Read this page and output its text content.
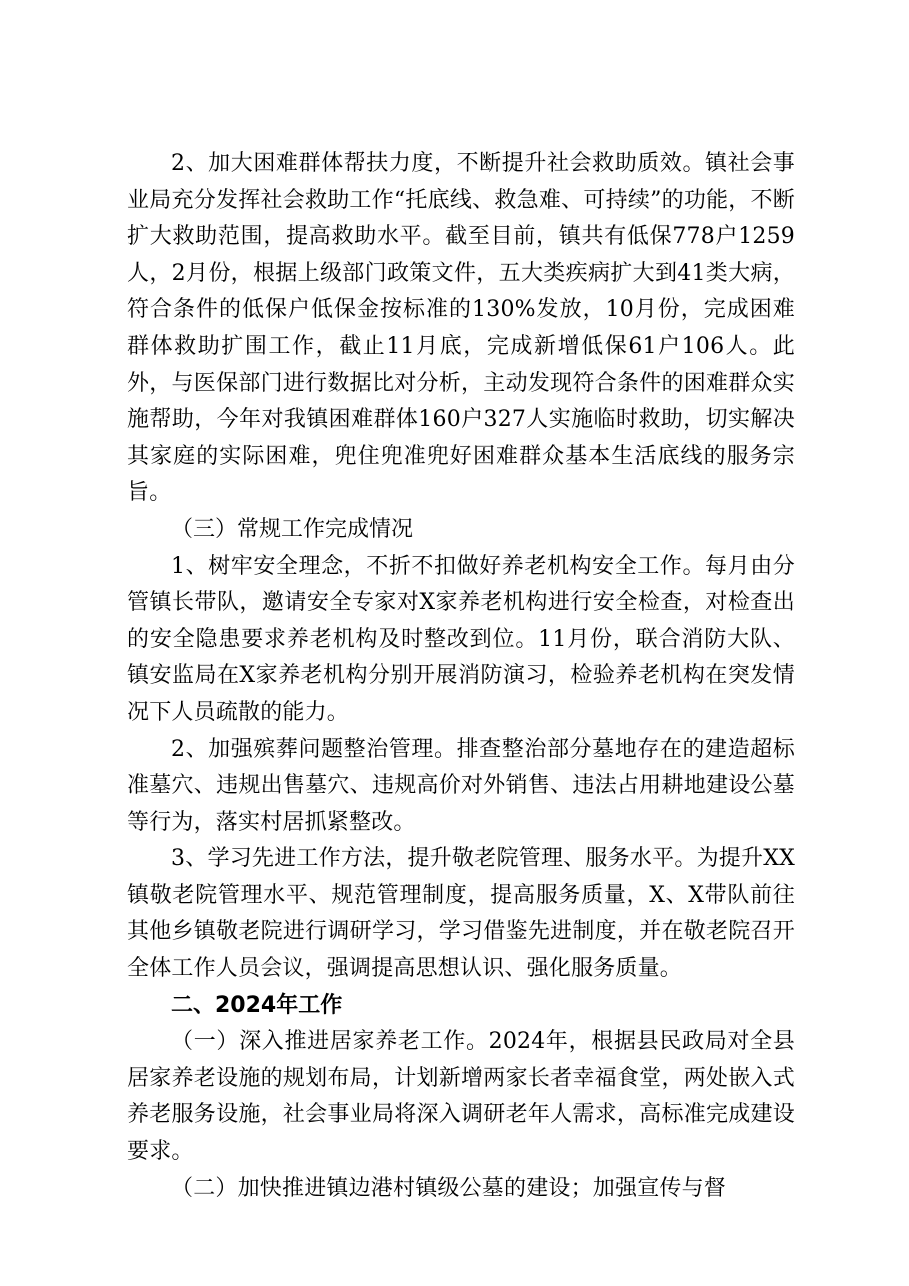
2、加大困难群体帮扶力度，不断提升社会救助质效。镇社会事业局充分发挥社会救助工作“托底线、救急难、可持续”的功能，不断扩大救助范围，提高救助水平。截至目前，镇共有低保778户1259人，2月份，根据上级部门政策文件，五大类疾病扩大到41类大病，符合条件的低保户低保金按标准的130%发放，10月份，完成困难群体救助扩围工作，截止11月底，完成新增低保61户106人。此外，与医保部门进行数据比对分析，主动发现符合条件的困难群众实施帮助，今年对我镇困难群体160户327人实施临时救助，切实解决其家庭的实际困难，兜住兜准兜好困难群众基本生活底线的服务宗旨。

（三）常规工作完成情况

1、树牢安全理念，不折不扣做好养老机构安全工作。每月由分管镇长带队，邀请安全专家对X家养老机构进行安全检查，对检查出的安全隐患要求养老机构及时整改到位。11月份，联合消防大队、镇安监局在X家养老机构分别开展消防演习，检验养老机构在突发情况下人员疏散的能力。

2、加强殡葬问题整治管理。排查整治部分墓地存在的建造超标准墓穴、违规出售墓穴、违规高价对外销售、违法占用耕地建设公墓等行为，落实村居抓紧整改。

3、学习先进工作方法，提升敬老院管理、服务水平。为提升XX镇敬老院管理水平、规范管理制度，提高服务质量，X、X带队前往其他乡镇敬老院进行调研学习，学习借鉴先进制度，并在敬老院召开全体工作人员会议，强调提高思想认识、强化服务质量。

二、2024年工作

（一）深入推进居家养老工作。2024年，根据县民政局对全县居家养老设施的规划布局，计划新增两家长者幸福食堂，两处嵌入式养老服务设施，社会事业局将深入调研老年人需求，高标准完成建设要求。

（二）加快推进镇边港村镇级公墓的建设；加强宣传与督
